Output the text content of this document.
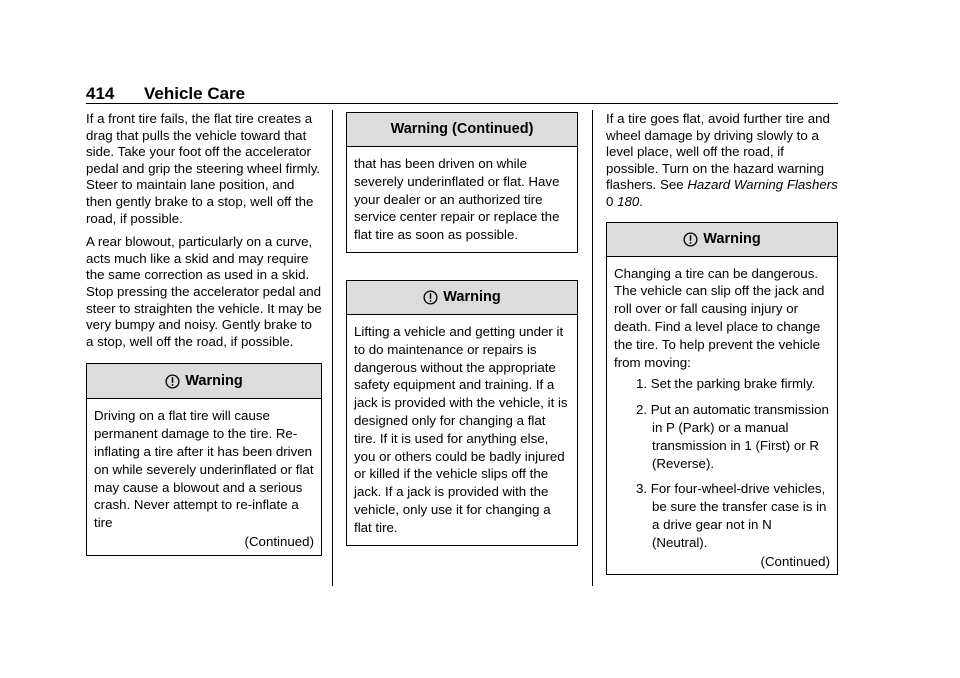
414 Vehicle Care

If a front tire fails, the flat tire creates a drag that pulls the vehicle toward that side. Take your foot off the accelerator pedal and grip the steering wheel firmly. Steer to maintain lane position, and then gently brake to a stop, well off the road, if possible.

A rear blowout, particularly on a curve, acts much like a skid and may require the same correction as used in a skid. Stop pressing the accelerator pedal and steer to straighten the vehicle. It may be very bumpy and noisy. Gently brake to a stop, well off the road, if possible.

Warning

Driving on a flat tire will cause permanent damage to the tire. Re-inflating a tire after it has been driven on while severely underinflated or flat may cause a blowout and a serious crash. Never attempt to re-inflate a tire

(Continued)
Warning (Continued)

that has been driven on while severely underinflated or flat. Have your dealer or an authorized tire service center repair or replace the flat tire as soon as possible.

Warning

Lifting a vehicle and getting under it to do maintenance or repairs is dangerous without the appropriate safety equipment and training. If a jack is provided with the vehicle, it is designed only for changing a flat tire. If it is used for anything else, you or others could be badly injured or killed if the vehicle slips off the jack. If a jack is provided with the vehicle, only use it for changing a flat tire.

If a tire goes flat, avoid further tire and wheel damage by driving slowly to a level place, well off the road, if possible. Turn on the hazard warning flashers. See Hazard Warning Flashers 0 180.

Warning

Changing a tire can be dangerous. The vehicle can slip off the jack and roll over or fall causing injury or death. Find a level place to change the tire. To help prevent the vehicle from moving:

1. Set the parking brake firmly.
2. Put an automatic transmission in P (Park) or a manual transmission in 1 (First) or R (Reverse).
3. For four-wheel-drive vehicles, be sure the transfer case is in a drive gear not in N (Neutral).
(Continued)
